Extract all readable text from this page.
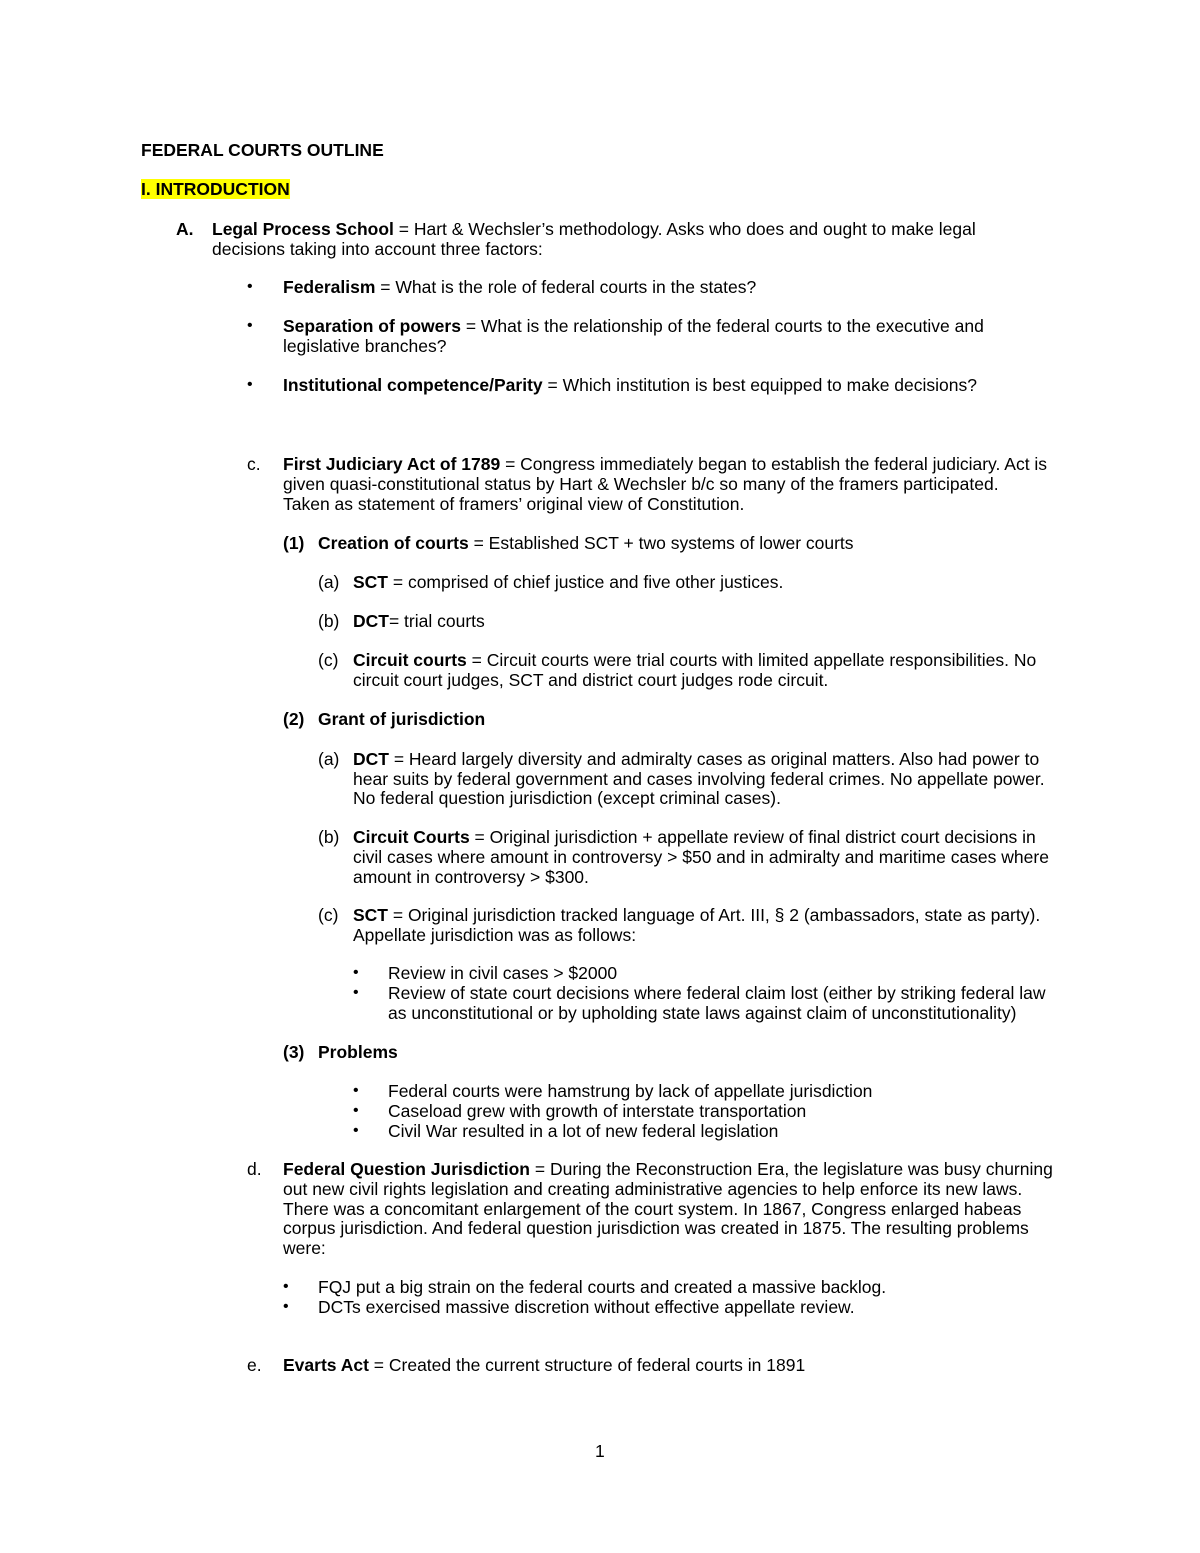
FEDERAL COURTS OUTLINE
I. INTRODUCTION
A. Legal Process School = Hart & Wechsler’s methodology. Asks who does and ought to make legal
decisions taking into account three factors:
• Federalism = What is the role of federal courts in the states?
• Separation of powers = What is the relationship of the federal courts to the executive and
legislative branches?
• Institutional competence/Parity = Which institution is best equipped to make decisions?
c. First Judiciary Act of 1789 = Congress immediately began to establish the federal judiciary. Act is
given quasi-constitutional status by Hart & Wechsler b/c so many of the framers participated.
Taken as statement of framers’ original view of Constitution.
(1) Creation of courts = Established SCT + two systems of lower courts
(a) SCT = comprised of chief justice and five other justices.
(b) DCT= trial courts
(c) Circuit courts = Circuit courts were trial courts with limited appellate responsibilities. No
circuit court judges, SCT and district court judges rode circuit.
(2) Grant of jurisdiction
(a) DCT = Heard largely diversity and admiralty cases as original matters. Also had power to
hear suits by federal government and cases involving federal crimes. No appellate power.
No federal question jurisdiction (except criminal cases).
(b) Circuit Courts = Original jurisdiction + appellate review of final district court decisions in
civil cases where amount in controversy > $50 and in admiralty and maritime cases where
amount in controversy > $300.
(c) SCT = Original jurisdiction tracked language of Art. III, § 2 (ambassadors, state as party).
Appellate jurisdiction was as follows:
• Review in civil cases > $2000
• Review of state court decisions where federal claim lost (either by striking federal law
as unconstitutional or by upholding state laws against claim of unconstitutionality)
(3) Problems
• Federal courts were hamstrung by lack of appellate jurisdiction
• Caseload grew with growth of interstate transportation
• Civil War resulted in a lot of new federal legislation
d. Federal Question Jurisdiction = During the Reconstruction Era, the legislature was busy churning
out new civil rights legislation and creating administrative agencies to help enforce its new laws.
There was a concomitant enlargement of the court system. In 1867, Congress enlarged habeas
corpus jurisdiction. And federal question jurisdiction was created in 1875. The resulting problems
were:
• FQJ put a big strain on the federal courts and created a massive backlog.
• DCTs exercised massive discretion without effective appellate review.
e. Evarts Act = Created the current structure of federal courts in 1891
1
